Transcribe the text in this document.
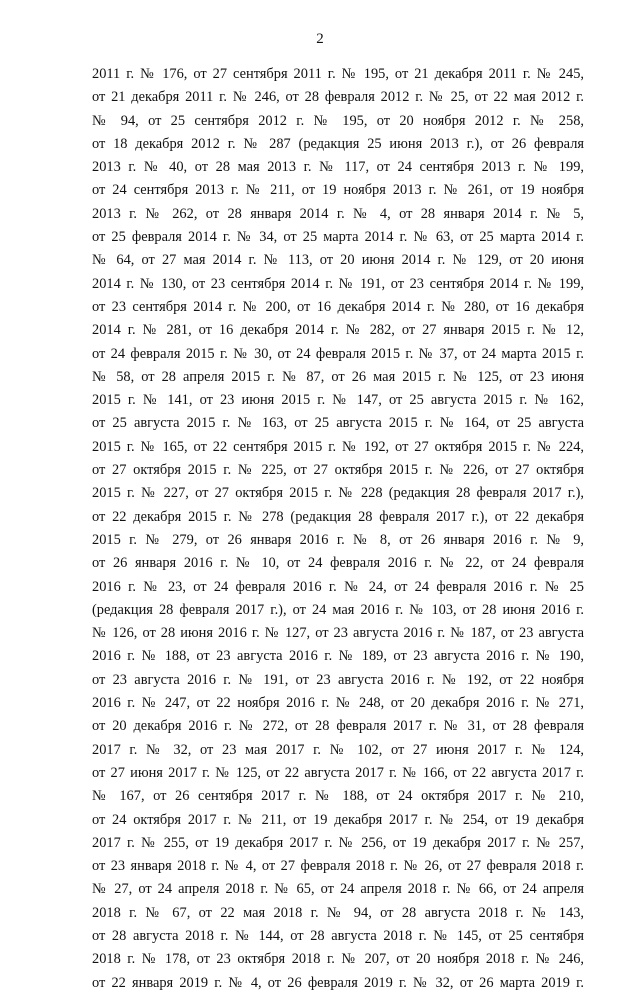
2
2011 г. № 176, от 27 сентября 2011 г. № 195, от 21 декабря 2011 г. № 245,
от 21 декабря 2011 г. № 246, от 28 февраля 2012 г. № 25, от 22 мая 2012 г.
№ 94, от 25 сентября 2012 г. № 195, от 20 ноября 2012 г. № 258,
от 18 декабря 2012 г. № 287 (редакция 25 июня 2013 г.), от 26 февраля
2013 г. № 40, от 28 мая 2013 г. № 117, от 24 сентября 2013 г. № 199,
от 24 сентября 2013 г. № 211, от 19 ноября 2013 г. № 261, от 19 ноября
2013 г. № 262, от 28 января 2014 г. № 4, от 28 января 2014 г. № 5,
от 25 февраля 2014 г. № 34, от 25 марта 2014 г. № 63, от 25 марта 2014 г.
№ 64, от 27 мая 2014 г. № 113, от 20 июня 2014 г. № 129, от 20 июня
2014 г. № 130, от 23 сентября 2014 г. № 191, от 23 сентября 2014 г. № 199,
от 23 сентября 2014 г. № 200, от 16 декабря 2014 г. № 280, от 16 декабря
2014 г. № 281, от 16 декабря 2014 г. № 282, от 27 января 2015 г. № 12,
от 24 февраля 2015 г. № 30, от 24 февраля 2015 г. № 37, от 24 марта 2015 г.
№ 58, от 28 апреля 2015 г. № 87, от 26 мая 2015 г. № 125, от 23 июня
2015 г. № 141, от 23 июня 2015 г. № 147, от 25 августа 2015 г. № 162,
от 25 августа 2015 г. № 163, от 25 августа 2015 г. № 164, от 25 августа
2015 г. № 165, от 22 сентября 2015 г. № 192, от 27 октября 2015 г. № 224,
от 27 октября 2015 г. № 225, от 27 октября 2015 г. № 226, от 27 октября
2015 г. № 227, от 27 октября 2015 г. № 228 (редакция 28 февраля 2017 г.),
от 22 декабря 2015 г. № 278 (редакция 28 февраля 2017 г.), от 22 декабря
2015 г. № 279, от 26 января 2016 г. № 8, от 26 января 2016 г. № 9,
от 26 января 2016 г. № 10, от 24 февраля 2016 г. № 22, от 24 февраля
2016 г. № 23, от 24 февраля 2016 г. № 24, от 24 февраля 2016 г. № 25
(редакция 28 февраля 2017 г.), от 24 мая 2016 г. № 103, от 28 июня 2016 г.
№ 126, от 28 июня 2016 г. № 127, от 23 августа 2016 г. № 187, от 23 августа
2016 г. № 188, от 23 августа 2016 г. № 189, от 23 августа 2016 г. № 190,
от 23 августа 2016 г. № 191, от 23 августа 2016 г. № 192, от 22 ноября
2016 г. № 247, от 22 ноября 2016 г. № 248, от 20 декабря 2016 г. № 271,
от 20 декабря 2016 г. № 272, от 28 февраля 2017 г. № 31, от 28 февраля
2017 г. № 32, от 23 мая 2017 г. № 102, от 27 июня 2017 г. № 124,
от 27 июня 2017 г. № 125, от 22 августа 2017 г. № 166, от 22 августа 2017 г.
№ 167, от 26 сентября 2017 г. № 188, от 24 октября 2017 г. № 210,
от 24 октября 2017 г. № 211, от 19 декабря 2017 г. № 254, от 19 декабря
2017 г. № 255, от 19 декабря 2017 г. № 256, от 19 декабря 2017 г. № 257,
от 23 января 2018 г. № 4, от 27 февраля 2018 г. № 26, от 27 февраля 2018 г.
№ 27, от 24 апреля 2018 г. № 65, от 24 апреля 2018 г. № 66, от 24 апреля
2018 г. № 67, от 22 мая 2018 г. № 94, от 28 августа 2018 г. № 143,
от 28 августа 2018 г. № 144, от 28 августа 2018 г. № 145, от 25 сентября
2018 г. № 178, от 23 октября 2018 г. № 207, от 20 ноября 2018 г. № 246,
от 22 января 2019 г. № 4, от 26 февраля 2019 г. № 32, от 26 марта 2019 г.
